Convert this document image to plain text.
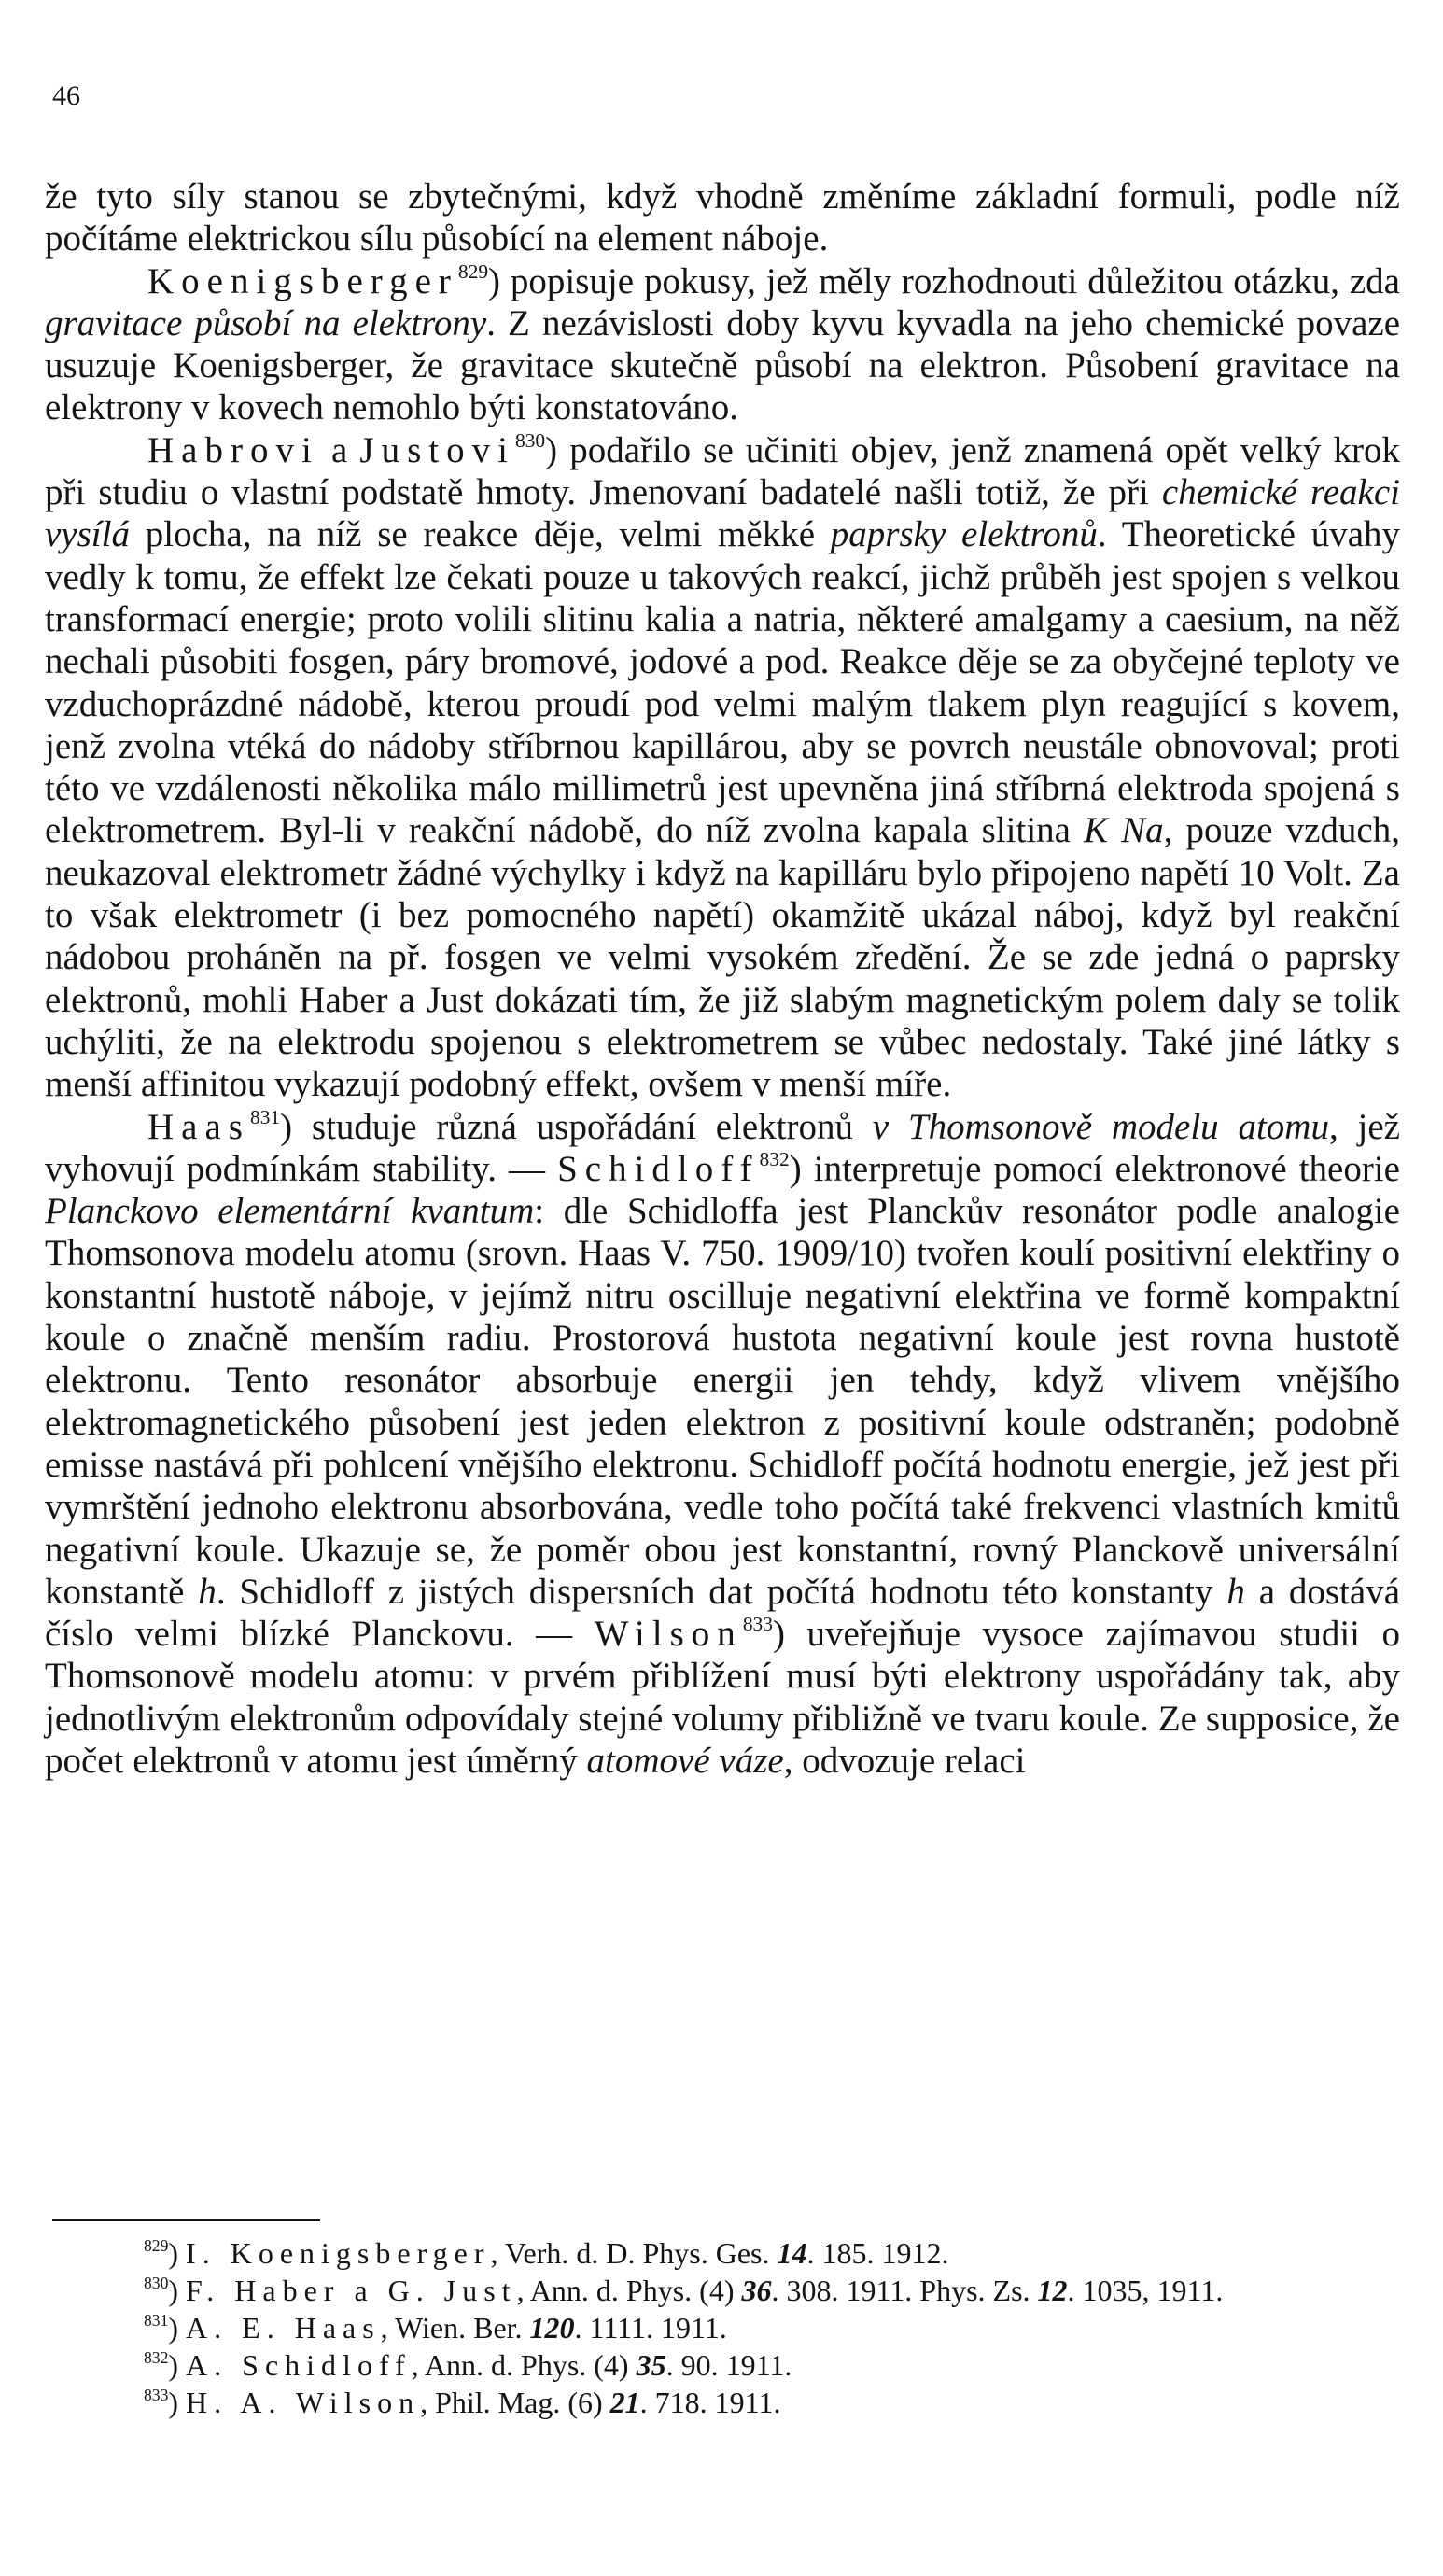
46

že tyto síly stanou se zbytečnými, když vhodně změníme základní formuli, podle níž počítáme elektrickou sílu působící na element náboje.

Koenigsberger$^{829}$) popisuje pokusy, jež měly rozhodnouti důležitou otázku, zda gravitace působí na elektrony. Z nezávislosti doby kyvu kyvadla na jeho chemické povaze usuzuje Koenigsberger, že gravitace skutečně působí na elektron. Působení gravitace na elektrony v kovech nemohlo býti konstatováno.

Habrovi a Justovi$^{830}$) podařilo se učiniti objev, jenž znamená opět velký krok při studiu o vlastní podstatě hmoty. Jmenovaní badatelé našli totiž, že při chemické reakci vysílá plocha, na níž se reakce děje, velmi měkké paprsky elektronů. Theoretické úvahy vedly k tomu, že effekt lze čekati pouze u takových reakcí, jichž průběh jest spojen s velkou transformací energie; proto volili slitinu kalia a natria, některé amalgamy a caesium, na něž nechali působiti fosgen, páry bromové, jodové a pod. Reakce děje se za obyčejné teploty ve vzduchoprázdné nádobě, kterou proudí pod velmi malým tlakem plyn reagující s kovem, jenž zvolna vtéká do nádoby stříbrnou kapillárou, aby se povrch neustále obnovoval; proti této ve vzdálenosti několika málo millimetrů jest upevněna jiná stříbrná elektroda spojená s elektrometrem. Byl-li v reakční nádobě, do níž zvolna kapala slitina K Na, pouze vzduch, neukazoval elektrometr žádné výchylky i když na kapilláru bylo připojeno napětí 10 Volt. Za to však elektrometr (i bez pomocného napětí) okamžitě ukázal náboj, když byl reakční nádobou proháněn na př. fosgen ve velmi vysokém zředění. Že se zde jedná o paprsky elektronů, mohli Haber a Just dokázati tím, že již slabým magnetickým polem daly se tolik uchýliti, že na elektrodu spojenou s elektrometrem se vůbec nedostaly. Také jiné látky s menší affinitou vykazují podobný effekt, ovšem v menší míře.

Haas$^{831}$) studuje různá uspořádání elektronů v Thomsonově modelu atomu, jež vyhovují podmínkám stability. — Schidloff$^{832}$) interpretuje pomocí elektronové theorie Planckovo elementární kvantum: dle Schidloffa jest Planckův resonátor podle analogie Thomsonova modelu atomu (srovn. Haas V. 750. 1909/10) tvořen koulí positivní elektřiny o konstantní hustotě náboje, v jejímž nitru oscilluje negativní elektřina ve formě kompaktní koule o značně menším radiu. Prostorová hustota negativní koule jest rovna hustotě elektronu. Tento resonátor absorbuje energii jen tehdy, když vlivem vnějšího elektromagnetického působení jest jeden elektron z positivní koule odstraněn; podobně emisse nastává při pohlcení vnějšího elektronu. Schidloff počítá hodnotu energie, jež jest při vymrštění jednoho elektronu absorbována, vedle toho počítá také frekvenci vlastních kmitů negativní koule. Ukazuje se, že poměr obou jest konstantní, rovný Planckově universální konstantě h. Schidloff z jistých dispersních dat počítá hodnotu této konstanty h a dostává číslo velmi blízké Planckovu. — Wilson$^{833}$) uveřejňuje vysoce zajímavou studii o Thomsonově modelu atomu: v prvém přiblížení musí býti elektrony uspořádány tak, aby jednotlivým elektronům odpovídaly stejné volumy přibližně ve tvaru koule. Ze supposice, že počet elektronů v atomu jest úměrný atomové váze, odvozuje relaci

$^{829}$) I. Koenigsberger, Verh. d. D. Phys. Ges. 14. 185. 1912.

$^{830}$) F. Haber a G. Just, Ann. d. Phys. (4) 36. 308. 1911. Phys. Zs. 12. 1035, 1911.

$^{831}$) A. E. Haas, Wien. Ber. 120. 1111. 1911.

$^{832}$) A. Schidloff, Ann. d. Phys. (4) 35. 90. 1911.

$^{833}$) H. A. Wilson, Phil. Mag. (6) 21. 718. 1911.
